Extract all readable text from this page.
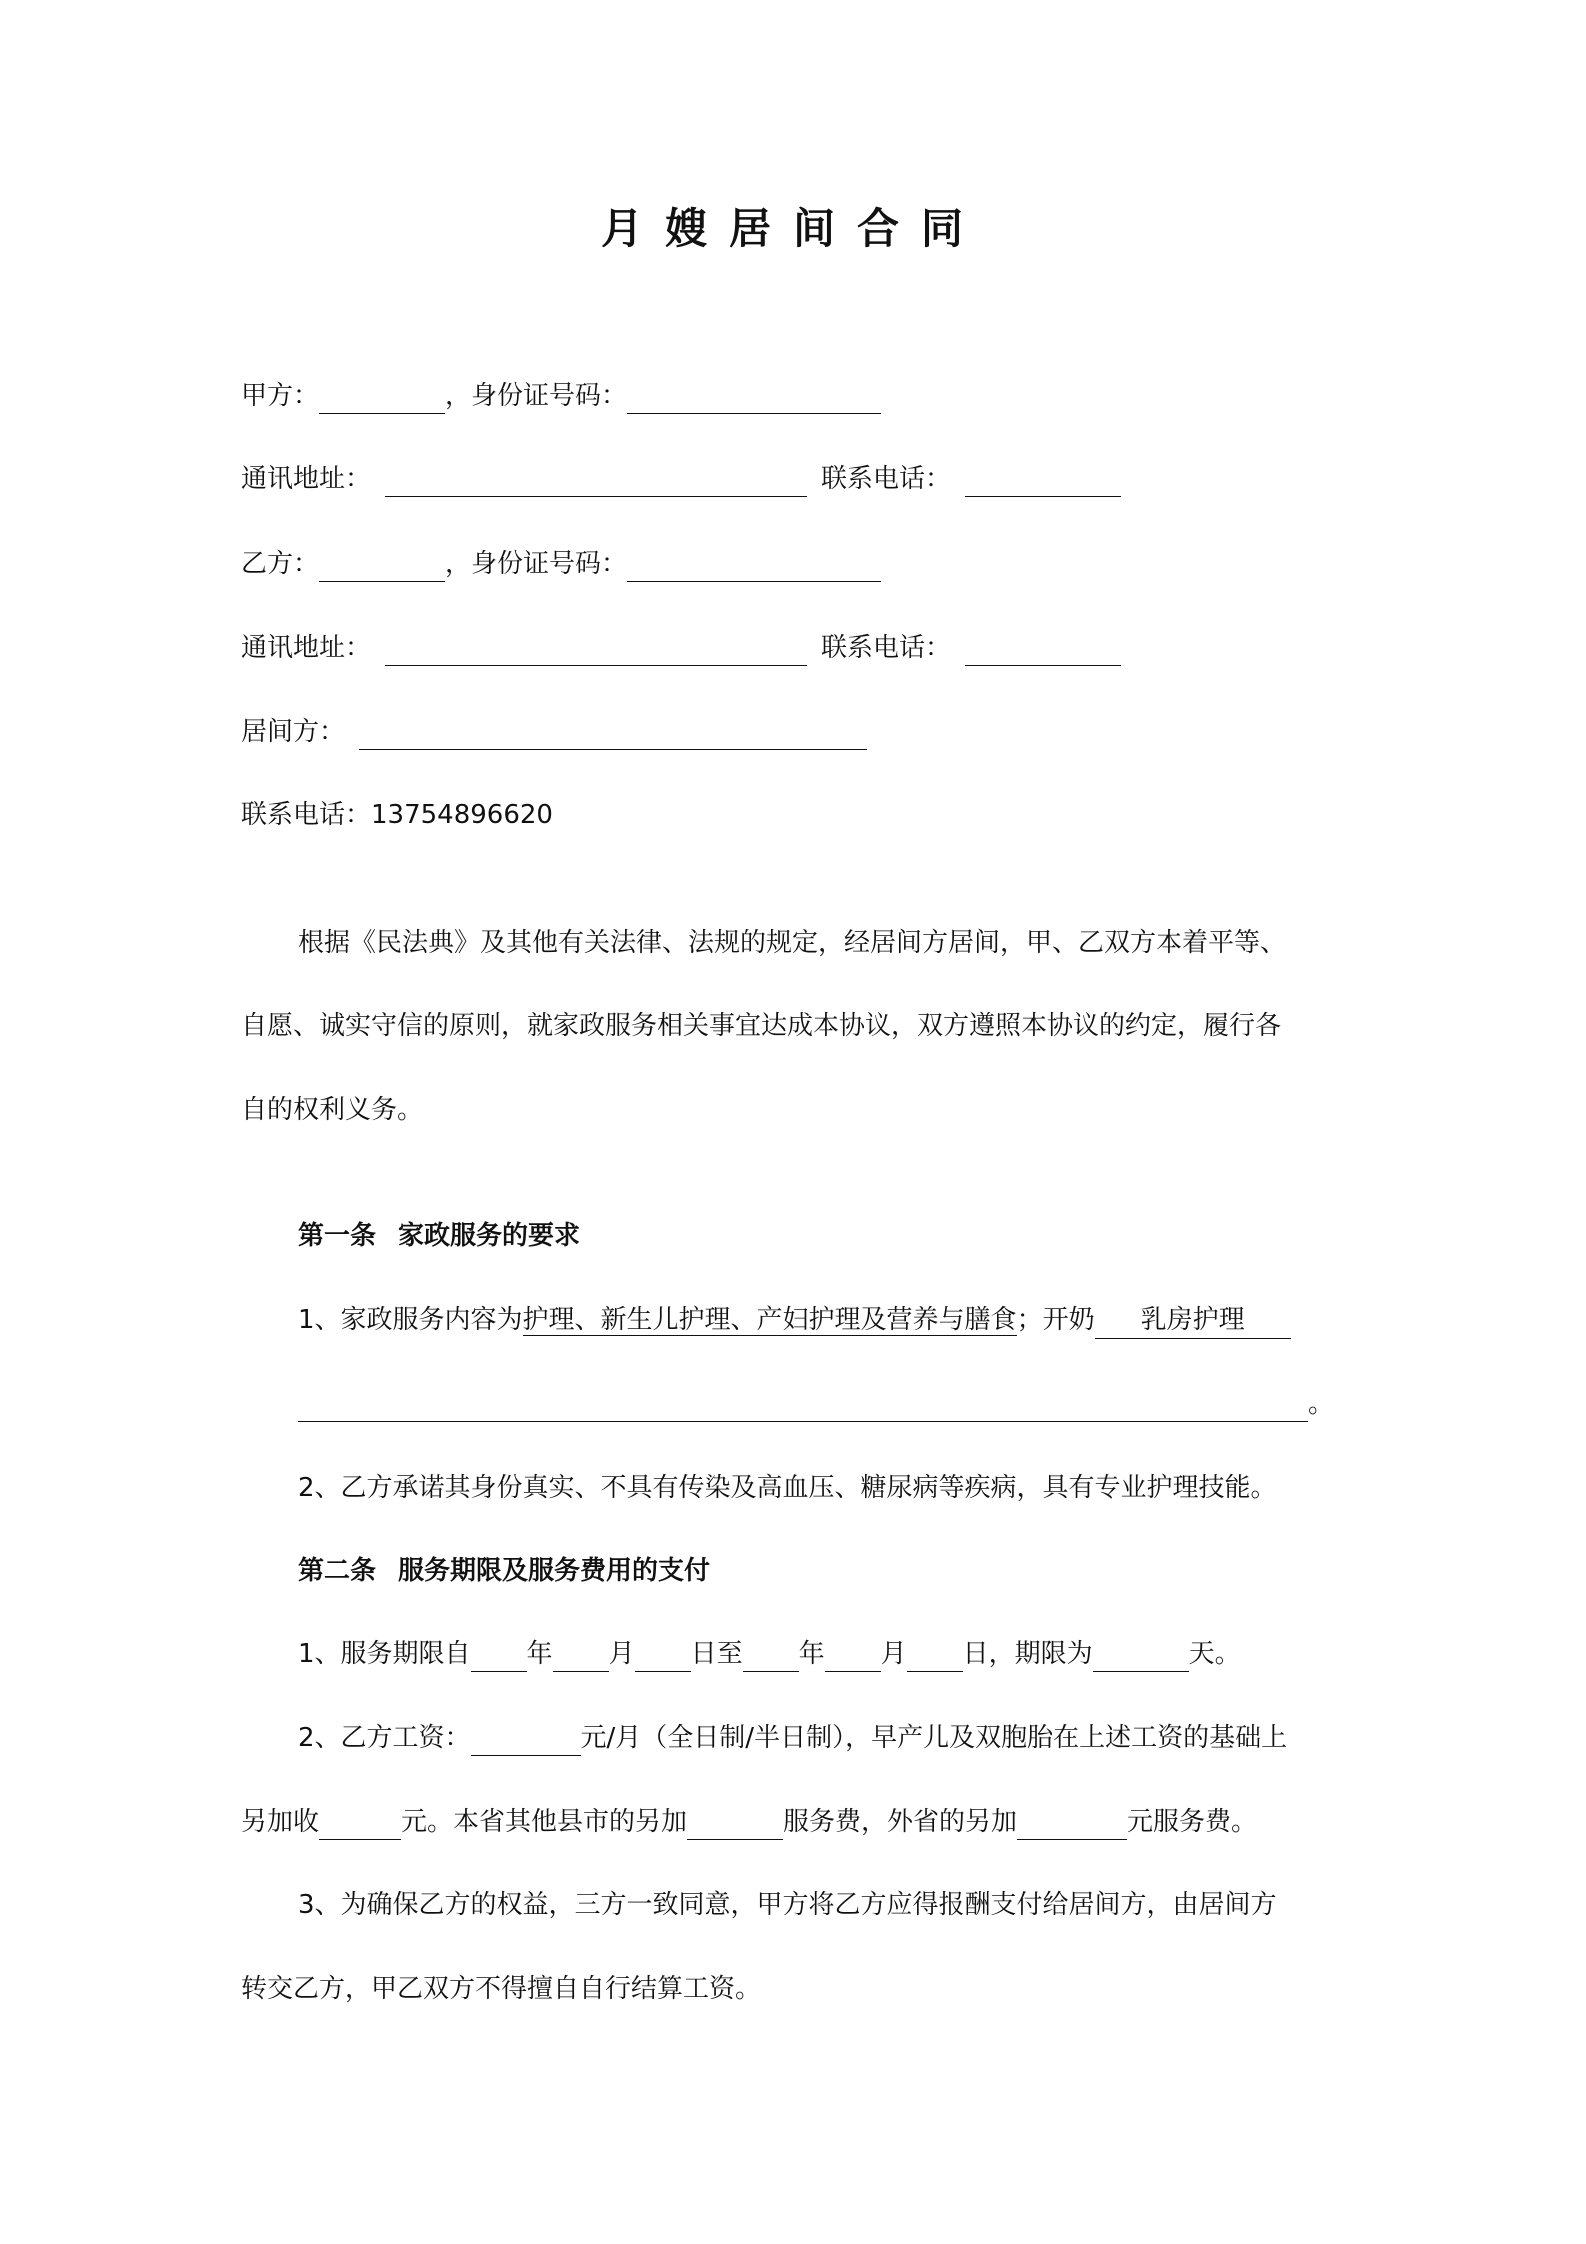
月嫂居间合同
甲方：	，身份证号码：
通讯地址：	联系电话：
乙方：	，身份证号码：
通讯地址：	联系电话：
居间方：
联系电话：13754896620
根据《民法典》及其他有关法律、法规的规定，经居间方居间，甲、乙双方本着平等、
自愿、诚实守信的原则，就家政服务相关事宜达成本协议，双方遵照本协议的约定，履行各
自的权利义务。
第一条 家政服务的要求
1、家政服务内容为护理、新生儿护理、产妇护理及营养与膳食；开奶 乳房护理
。
2、乙方承诺其身份真实、不具有传染及高血压、糖尿病等疾病，具有专业护理技能。
第二条 服务期限及服务费用的支付
1、服务期限自 年 月 日至 年 月 日，期限为	天。
2、乙方工资：	元/月（全日制/半日制），早产儿及双胞胎在上述工资的基础上
另加收	元。本省其他县市的另加	服务费，外省的另加	元服务费。
3、为确保乙方的权益，三方一致同意，甲方将乙方应得报酬支付给居间方，由居间方
转交乙方，甲乙双方不得擅自自行结算工资。
